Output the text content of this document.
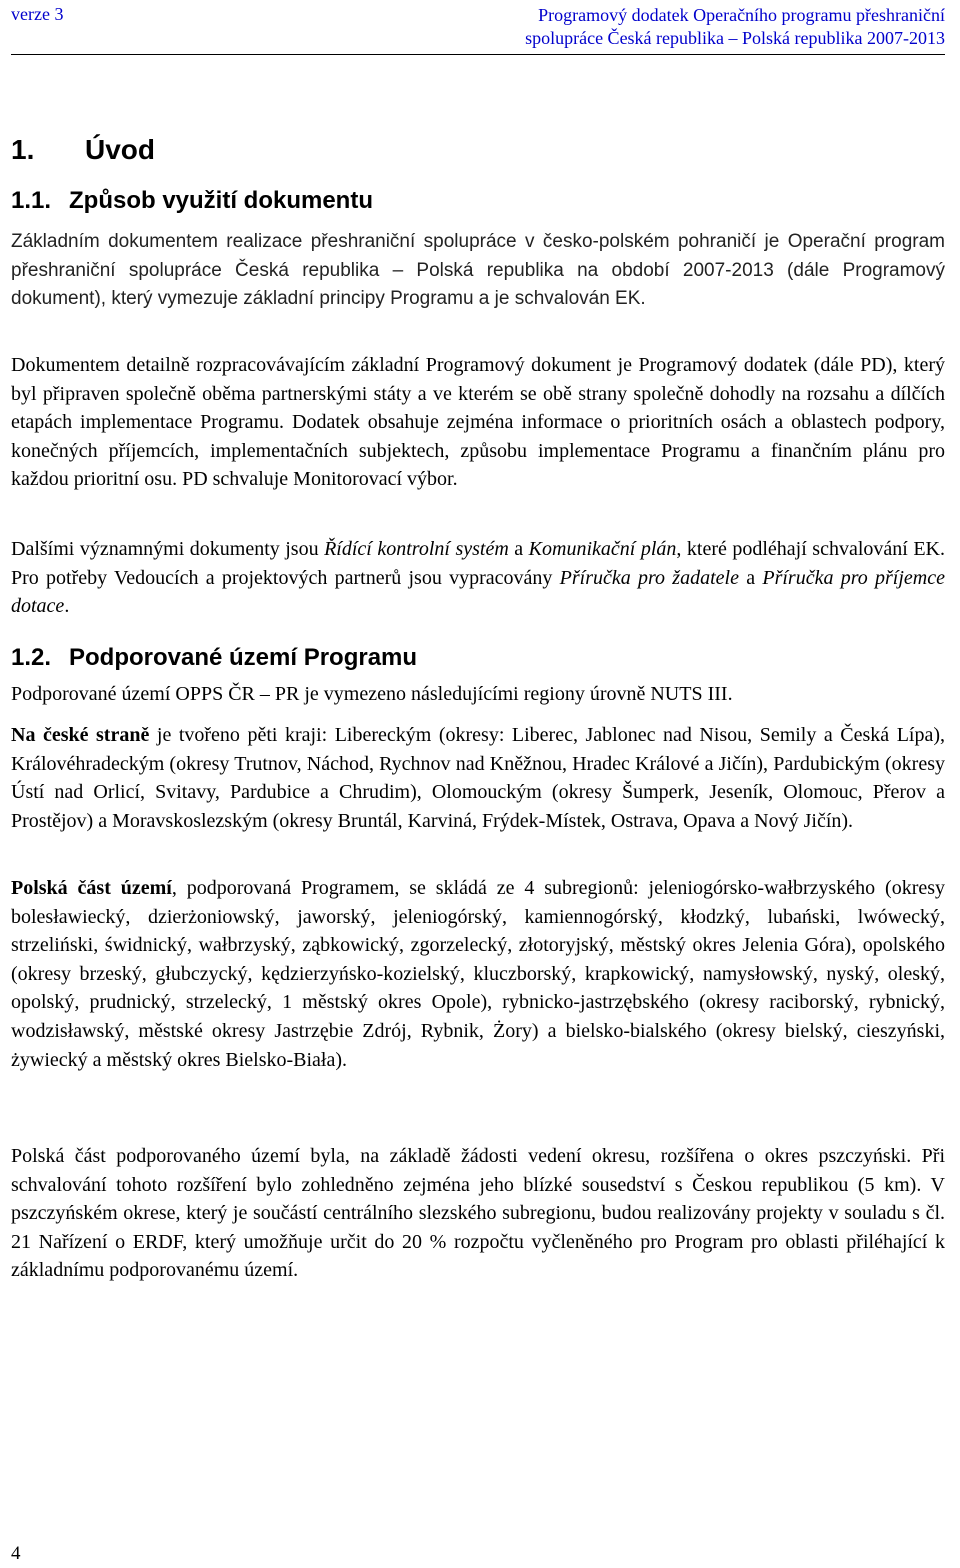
verze 3	Programový dodatek Operačního programu přeshraniční
spolupráce Česká republika – Polská republika 2007-2013
1. Úvod
1.1. Způsob využití dokumentu

Základním dokumentem realizace přeshraniční spolupráce v česko-polském pohraničí je Operační program přeshraniční spolupráce Česká republika – Polská republika na období 2007-2013 (dále Programový dokument), který vymezuje základní principy Programu a je schvalován EK.

Dokumentem detailně rozpracovávajícím základní Programový dokument je Programový dodatek (dále PD), který byl připraven společně oběma partnerskými státy a ve kterém se obě strany společně dohodly na rozsahu a dílčích etapách implementace Programu. Dodatek obsahuje zejména informace o prioritních osách a oblastech podpory, konečných příjemcích, implementačních subjektech, způsobu implementace Programu a finančním plánu pro každou prioritní osu. PD schvaluje Monitorovací výbor.

Dalšími významnými dokumenty jsou Řídící kontrolní systém a Komunikační plán, které podléhají schvalování EK. Pro potřeby Vedoucích a projektových partnerů jsou vypracovány Příručka pro žadatele a Příručka pro příjemce dotace.

1.2. Podporované území Programu

Podporované území OPPS ČR – PR je vymezeno následujícími regiony úrovně NUTS III.

Na české straně je tvořeno pěti kraji: Libereckým (okresy: Liberec, Jablonec nad Nisou, Semily a Česká Lípa), Královéhradeckým (okresy Trutnov, Náchod, Rychnov nad Kněžnou, Hradec Králové a Jičín), Pardubickým (okresy Ústí nad Orlicí, Svitavy, Pardubice a Chrudim), Olomouckým (okresy Šumperk, Jeseník, Olomouc, Přerov a Prostějov) a Moravskoslezským (okresy Bruntál, Karviná, Frýdek-Místek, Ostrava, Opava a Nový Jičín).

Polská část území, podporovaná Programem, se skládá ze 4 subregionů: jeleniogórsko-wałbrzyského (okresy bolesławiecký, dzierżoniowský, jaworský, jeleniogórský, kamiennogórský, kłodzký, lubański, lwówecký, strzeliński, świdnický, wałbrzyský, ząbkowický, zgorzelecký, złotoryjský, městský okres Jelenia Góra), opolského (okresy brzeský, głubczycký, kędzierzyńsko-kozielský, kluczborský, krapkowický, namysłowský, nyský, oleský, opolský, prudnický, strzelecký, 1 městský okres Opole), rybnicko-jastrzębského (okresy raciborský, rybnický, wodzisławský, městské okresy Jastrzębie Zdrój, Rybnik, Żory) a bielsko-bialského (okresy bielský, cieszyński, żywiecký a městský okres Bielsko-Biała).

Polská část podporovaného území byla, na základě žádosti vedení okresu, rozšířena o okres pszczyński. Při schvalování tohoto rozšíření bylo zohledněno zejména jeho blízké sousedství s Českou republikou (5 km). V pszczyńském okrese, který je součástí centrálního slezského subregionu, budou realizovány projekty v souladu s čl. 21 Nařízení o ERDF, který umožňuje určit do 20 % rozpočtu vyčleněného pro Program pro oblasti přiléhající k základnímu podporovanému území.

4
